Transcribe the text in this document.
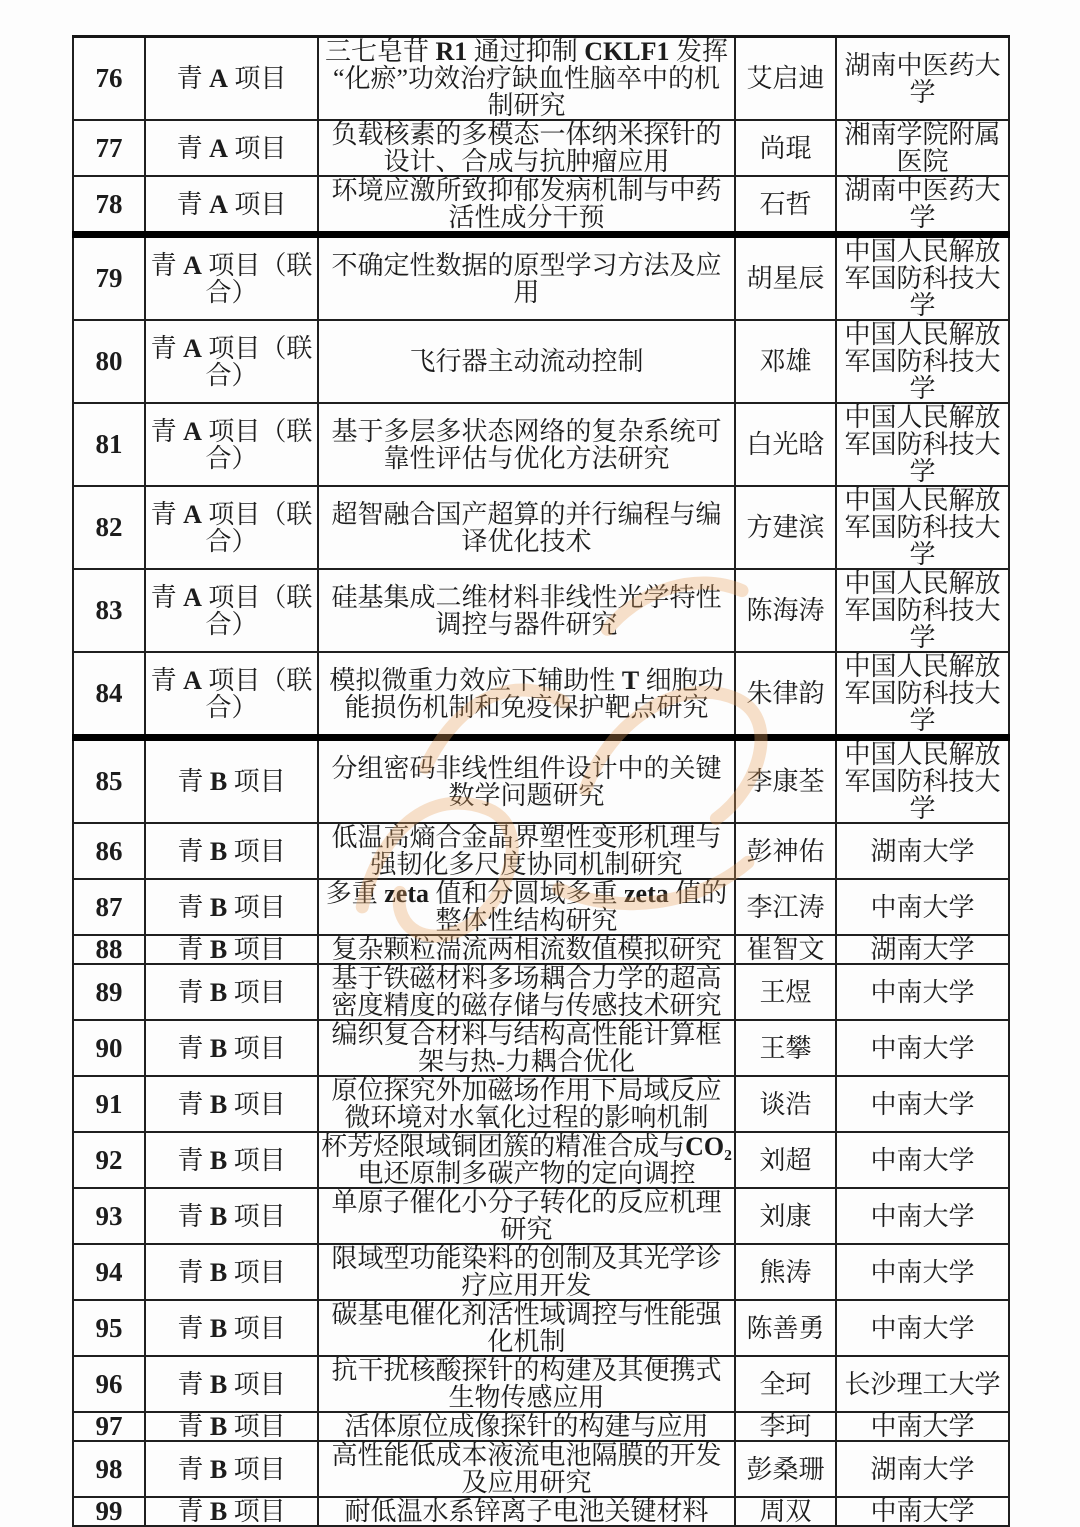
76	青 A 项目	三七皂苷 R1 通过抑制 CKLF1 发挥“化瘀”功效治疗缺血性脑卒中的机制研究	艾启迪	湖南中医药大学
77	青 A 项目	负载核素的多模态一体纳米探针的设计、合成与抗肿瘤应用	尚琨	湘南学院附属医院
78	青 A 项目	环境应激所致抑郁发病机制与中药活性成分干预	石哲	湖南中医药大学
79	青 A 项目（联合）	不确定性数据的原型学习方法及应用	胡星辰	中国人民解放军国防科技大学
80	青 A 项目（联合）	飞行器主动流动控制	邓雄	中国人民解放军国防科技大学
81	青 A 项目（联合）	基于多层多状态网络的复杂系统可靠性评估与优化方法研究	白光晗	中国人民解放军国防科技大学
82	青 A 项目（联合）	超智融合国产超算的并行编程与编译优化技术	方建滨	中国人民解放军国防科技大学
83	青 A 项目（联合）	硅基集成二维材料非线性光学特性调控与器件研究	陈海涛	中国人民解放军国防科技大学
84	青 A 项目（联合）	模拟微重力效应下辅助性 T 细胞功能损伤机制和免疫保护靶点研究	朱律韵	中国人民解放军国防科技大学
85	青 B 项目	分组密码非线性组件设计中的关键数学问题研究	李康荃	中国人民解放军国防科技大学
86	青 B 项目	低温高熵合金晶界塑性变形机理与强韧化多尺度协同机制研究	彭神佑	湖南大学
87	青 B 项目	多重 zeta 值和分圆域多重 zeta 值的整体性结构研究	李江涛	中南大学
88	青 B 项目	复杂颗粒湍流两相流数值模拟研究	崔智文	湖南大学
89	青 B 项目	基于铁磁材料多场耦合力学的超高密度精度的磁存储与传感技术研究	王煜	中南大学
90	青 B 项目	编织复合材料与结构高性能计算框架与热-力耦合优化	王攀	中南大学
91	青 B 项目	原位探究外加磁场作用下局域反应微环境对水氧化过程的影响机制	谈浩	中南大学
92	青 B 项目	杯芳烃限域铜团簇的精准合成与CO₂电还原制多碳产物的定向调控	刘超	中南大学
93	青 B 项目	单原子催化小分子转化的反应机理研究	刘康	中南大学
94	青 B 项目	限域型功能染料的创制及其光学诊疗应用开发	熊涛	中南大学
95	青 B 项目	碳基电催化剂活性域调控与性能强化机制	陈善勇	中南大学
96	青 B 项目	抗干扰核酸探针的构建及其便携式生物传感应用	全珂	长沙理工大学
97	青 B 项目	活体原位成像探针的构建与应用	李珂	中南大学
98	青 B 项目	高性能低成本液流电池隔膜的开发及应用研究	彭桑珊	湖南大学
99	青 B 项目	耐低温水系锌离子电池关键材料	周双	中南大学
